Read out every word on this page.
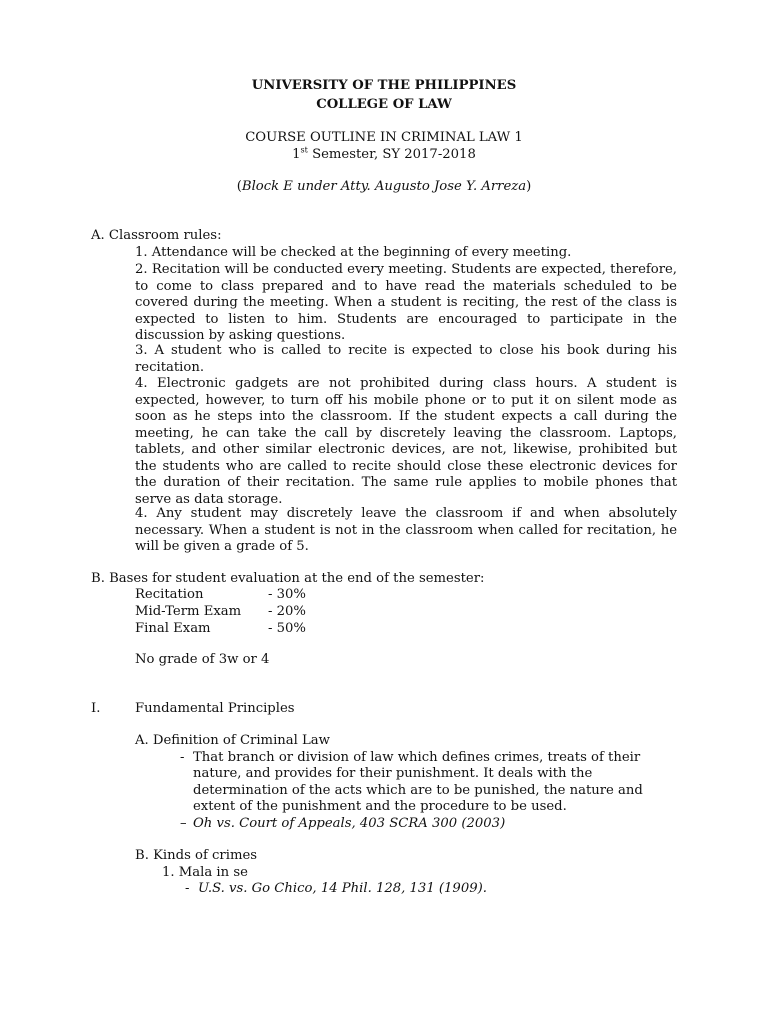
UNIVERSITY OF THE PHILIPPINES
COLLEGE OF LAW
COURSE OUTLINE IN CRIMINAL LAW 1
1st Semester, SY 2017-2018
(Block E under Atty. Augusto Jose Y. Arreza)
A. Classroom rules:
1. Attendance will be checked at the beginning of every meeting.
2. Recitation will be conducted every meeting. Students are expected, therefore, to come to class prepared and to have read the materials scheduled to be covered during the meeting. When a student is reciting, the rest of the class is expected to listen to him. Students are encouraged to participate in the discussion by asking questions.
3. A student who is called to recite is expected to close his book during his recitation.
4. Electronic gadgets are not prohibited during class hours. A student is expected, however, to turn off his mobile phone or to put it on silent mode as soon as he steps into the classroom. If the student expects a call during the meeting, he can take the call by discretely leaving the classroom. Laptops, tablets, and other similar electronic devices, are not, likewise, prohibited but the students who are called to recite should close these electronic devices for the duration of their recitation. The same rule applies to mobile phones that serve as data storage.
4. Any student may discretely leave the classroom if and when absolutely necessary. When a student is not in the classroom when called for recitation, he will be given a grade of 5.
B. Bases for student evaluation at the end of the semester:
Recitation	- 30%
Mid-Term Exam - 20%
Final Exam	- 50%
No grade of 3w or 4
I.	Fundamental Principles
A. Definition of Criminal Law
- That branch or division of law which defines crimes, treats of their
nature, and provides for their punishment. It deals with the
determination of the acts which are to be punished, the nature and
extent of the punishment and the procedure to be used.
– Oh vs. Court of Appeals, 403 SCRA 300 (2003)
B. Kinds of crimes
1. Mala in se
- U.S. vs. Go Chico, 14 Phil. 128, 131 (1909).
